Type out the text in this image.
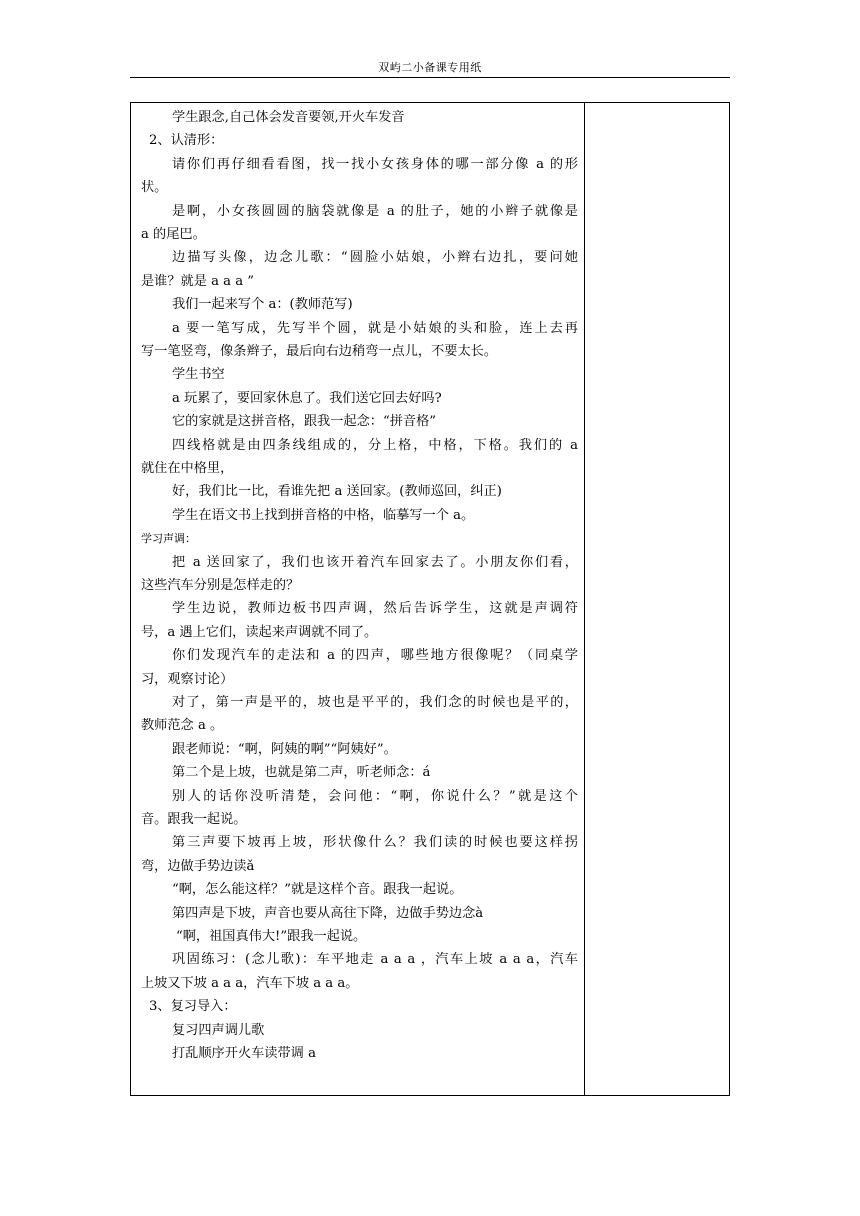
双屿二小备课专用纸
学生跟念,自己体会发音要领,开火车发音
2、认清形：
请你们再仔细看看图，找一找小女孩身体的哪一部分像 a 的形
状。
是啊，小女孩圆圆的脑袋就像是 a 的肚子，她的小辫子就像是
a 的尾巴。
边描写头像，边念儿歌：“圆脸小姑娘，小辫右边扎，要问她
是谁？就是 a a a ”
我们一起来写个 a：(教师范写)
a 要一笔写成，先写半个圆，就是小姑娘的头和脸，连上去再
写一笔竖弯，像条辫子，最后向右边稍弯一点儿，不要太长。
学生书空
a 玩累了，要回家休息了。我们送它回去好吗?
它的家就是这拼音格，跟我一起念：“拼音格”
四线格就是由四条线组成的，分上格，中格，下格。我们的 a
就住在中格里，
好，我们比一比，看谁先把 a 送回家。(教师巡回，纠正)
学生在语文书上找到拼音格的中格，临摹写一个 a。
学习声调：
把 a 送回家了，我们也该开着汽车回家去了。小朋友你们看，
这些汽车分别是怎样走的？
学生边说，教师边板书四声调，然后告诉学生，这就是声调符
号，a 遇上它们，读起来声调就不同了。
你们发现汽车的走法和 a 的四声，哪些地方很像呢？（同桌学
习，观察讨论）
对了，第一声是平的，坡也是平平的，我们念的时候也是平的，
教师范念 a 。
跟老师说：“啊，阿姨的啊”“阿姨好”。
第二个是上坡，也就是第二声，听老师念：á
别人的话你没听清楚，会问他：“啊，你说什么？”就是这个
音。跟我一起说。
第三声要下坡再上坡，形状像什么？我们读的时候也要这样拐
弯，边做手势边读ǎ
“啊，怎么能这样？”就是这样个音。跟我一起说。
第四声是下坡，声音也要从高往下降，边做手势边念à
“啊，祖国真伟大!”跟我一起说。
巩固练习：(念儿歌)：车平地走 a a a ，汽车上坡 a a a，汽车
上坡又下坡 a a a，汽车下坡 a a a。
3、复习导入：
复习四声调儿歌
打乱顺序开火车读带调 a
